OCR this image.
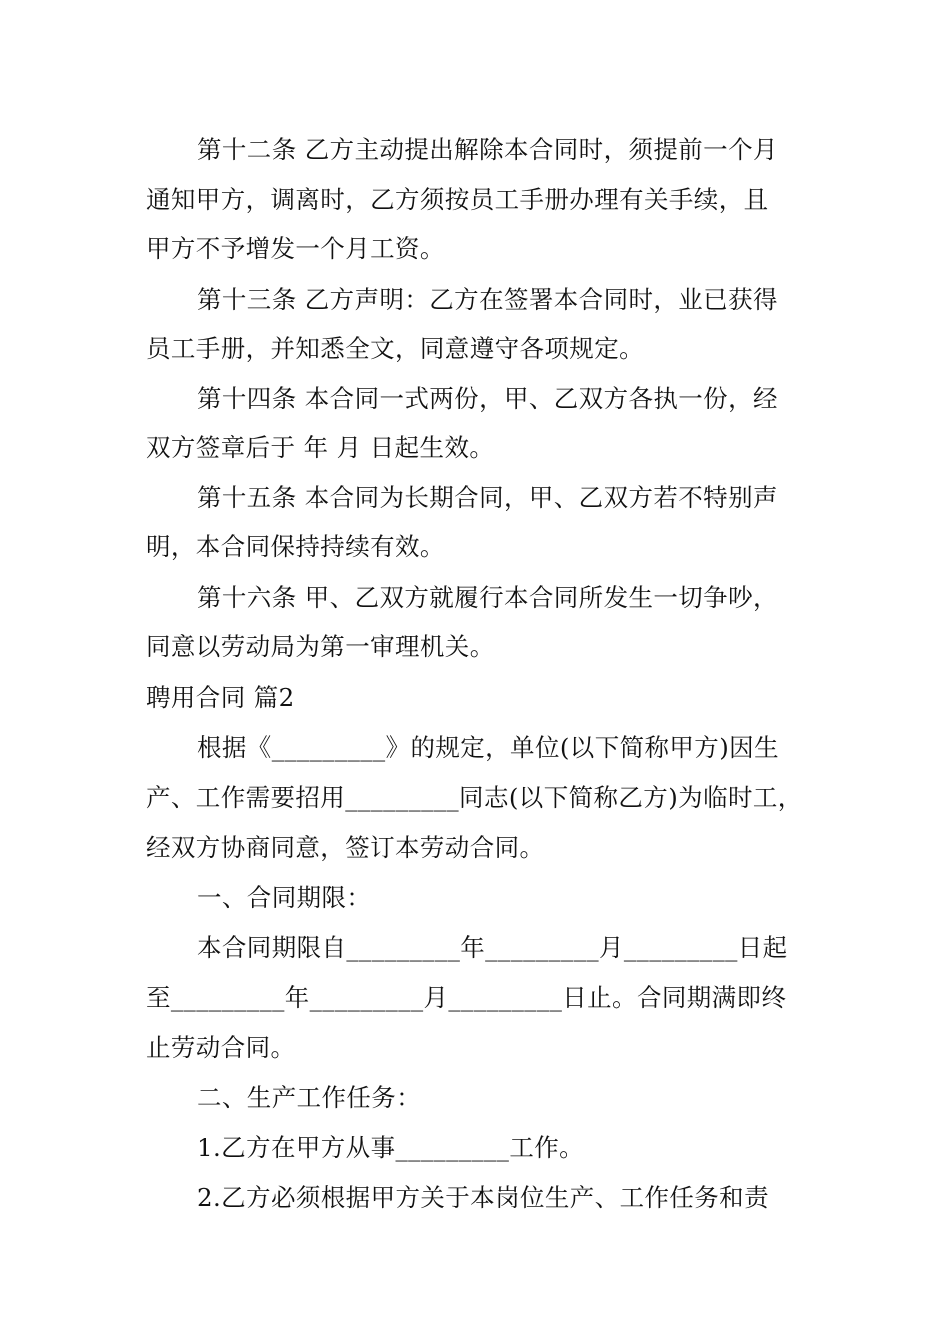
第十二条 乙方主动提出解除本合同时，须提前一个月

通知甲方，调离时，乙方须按员工手册办理有关手续，且

甲方不予增发一个月工资。

第十三条 乙方声明：乙方在签署本合同时，业已获得

员工手册，并知悉全文，同意遵守各项规定。

第十四条 本合同一式两份，甲、乙双方各执一份，经

双方签章后于 年 月 日起生效。

第十五条 本合同为长期合同，甲、乙双方若不特别声

明，本合同保持持续有效。

第十六条 甲、乙双方就履行本合同所发生一切争吵，

同意以劳动局为第一审理机关。

聘用合同 篇2

根据《_________》的规定，单位(以下简称甲方)因生

产、工作需要招用_________同志(以下简称乙方)为临时工，

经双方协商同意，签订本劳动合同。

一、合同期限：

本合同期限自_________年_________月_________日起

至_________年_________月_________日止。合同期满即终

止劳动合同。

二、生产工作任务：

1.乙方在甲方从事_________工作。

2.乙方必须根据甲方关于本岗位生产、工作任务和责
